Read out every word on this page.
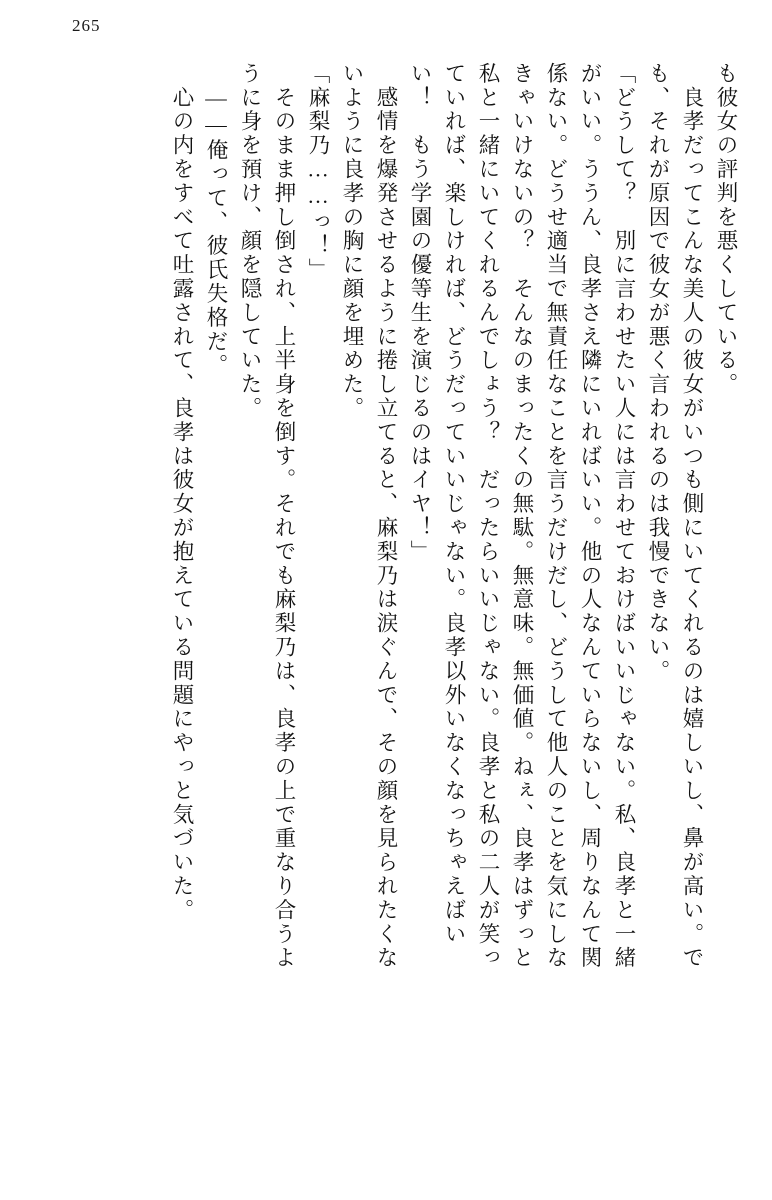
265
も彼女の評判を悪くしている。
　良孝だってこんな美人の彼女がいつも側にいてくれるのは嬉しいし、鼻が高い。で
も、それが原因で彼女が悪く言われるのは我慢できない。
「どうして？　別に言わせたい人には言わせておけばいいじゃない。私、良孝と一緒
がいい。ううん、良孝さえ隣にいればいい。他の人なんていらないし、周りなんて関
係ない。どうせ適当で無責任なことを言うだけだし、どうして他人のことを気にしな
きゃいけないの？　そんなのまったくの無駄。無意味。無価値。ねぇ、良孝はずっと
私と一緒にいてくれるんでしょう？　だったらいいじゃない。良孝と私の二人が笑っ
ていれば、楽しければ、どうだっていいじゃない。良孝以外いなくなっちゃえばい
い！　もう学園の優等生を演じるのはイヤ！」
　感情を爆発させるように捲し立てると、麻梨乃は涙ぐんで、その顔を見られたくな
いように良孝の胸に顔を埋めた。
「麻梨乃……っ！」
　そのまま押し倒され、上半身を倒す。それでも麻梨乃は、良孝の上で重なり合うよ
うに身を預け、顔を隠していた。
　――俺って、彼氏失格だ。
　心の内をすべて吐露されて、良孝は彼女が抱えている問題にやっと気づいた。
